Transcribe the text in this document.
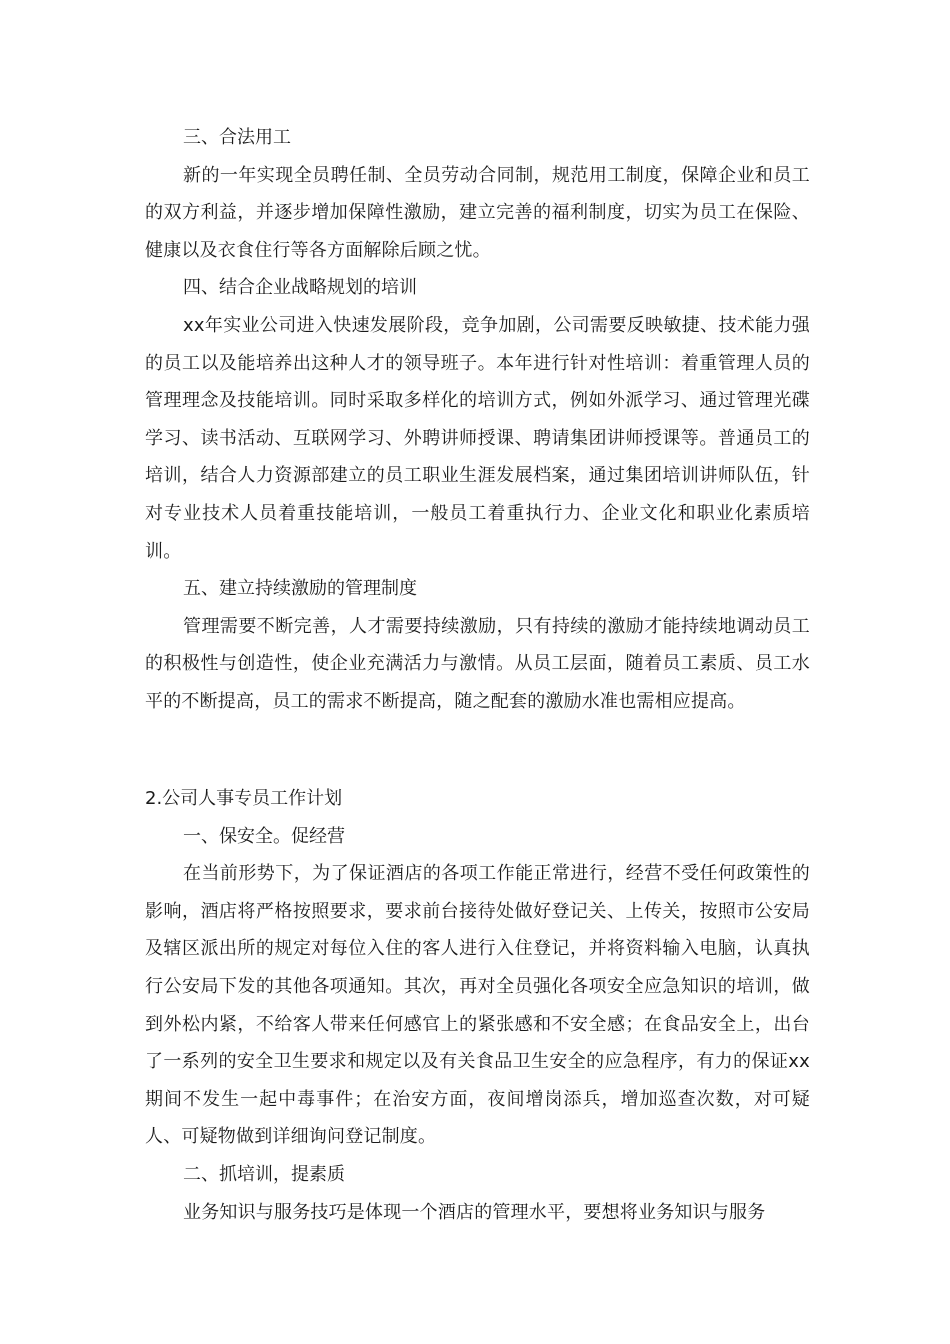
三、合法用工

新的一年实现全员聘任制、全员劳动合同制，规范用工制度，保障企业和员工的双方利益，并逐步增加保障性激励，建立完善的福利制度，切实为员工在保险、健康以及衣食住行等各方面解除后顾之忧。

四、结合企业战略规划的培训

xx年实业公司进入快速发展阶段，竞争加剧，公司需要反映敏捷、技术能力强的员工以及能培养出这种人才的领导班子。本年进行针对性培训：着重管理人员的管理理念及技能培训。同时采取多样化的培训方式，例如外派学习、通过管理光碟学习、读书活动、互联网学习、外聘讲师授课、聘请集团讲师授课等。普通员工的培训，结合人力资源部建立的员工职业生涯发展档案，通过集团培训讲师队伍，针对专业技术人员着重技能培训，一般员工着重执行力、企业文化和职业化素质培训。

五、建立持续激励的管理制度

管理需要不断完善，人才需要持续激励，只有持续的激励才能持续地调动员工的积极性与创造性，使企业充满活力与激情。从员工层面，随着员工素质、员工水平的不断提高，员工的需求不断提高，随之配套的激励水准也需相应提高。

2.公司人事专员工作计划

一、保安全。促经营

在当前形势下，为了保证酒店的各项工作能正常进行，经营不受任何政策性的影响，酒店将严格按照要求，要求前台接待处做好登记关、上传关，按照市公安局及辖区派出所的规定对每位入住的客人进行入住登记，并将资料输入电脑，认真执行公安局下发的其他各项通知。其次，再对全员强化各项安全应急知识的培训，做到外松内紧，不给客人带来任何感官上的紧张感和不安全感；在食品安全上，出台了一系列的安全卫生要求和规定以及有关食品卫生安全的应急程序，有力的保证xx期间不发生一起中毒事件；在治安方面，夜间增岗添兵，增加巡查次数，对可疑人、可疑物做到详细询问登记制度。

二、抓培训，提素质

业务知识与服务技巧是体现一个酒店的管理水平，要想将业务知识与服务
